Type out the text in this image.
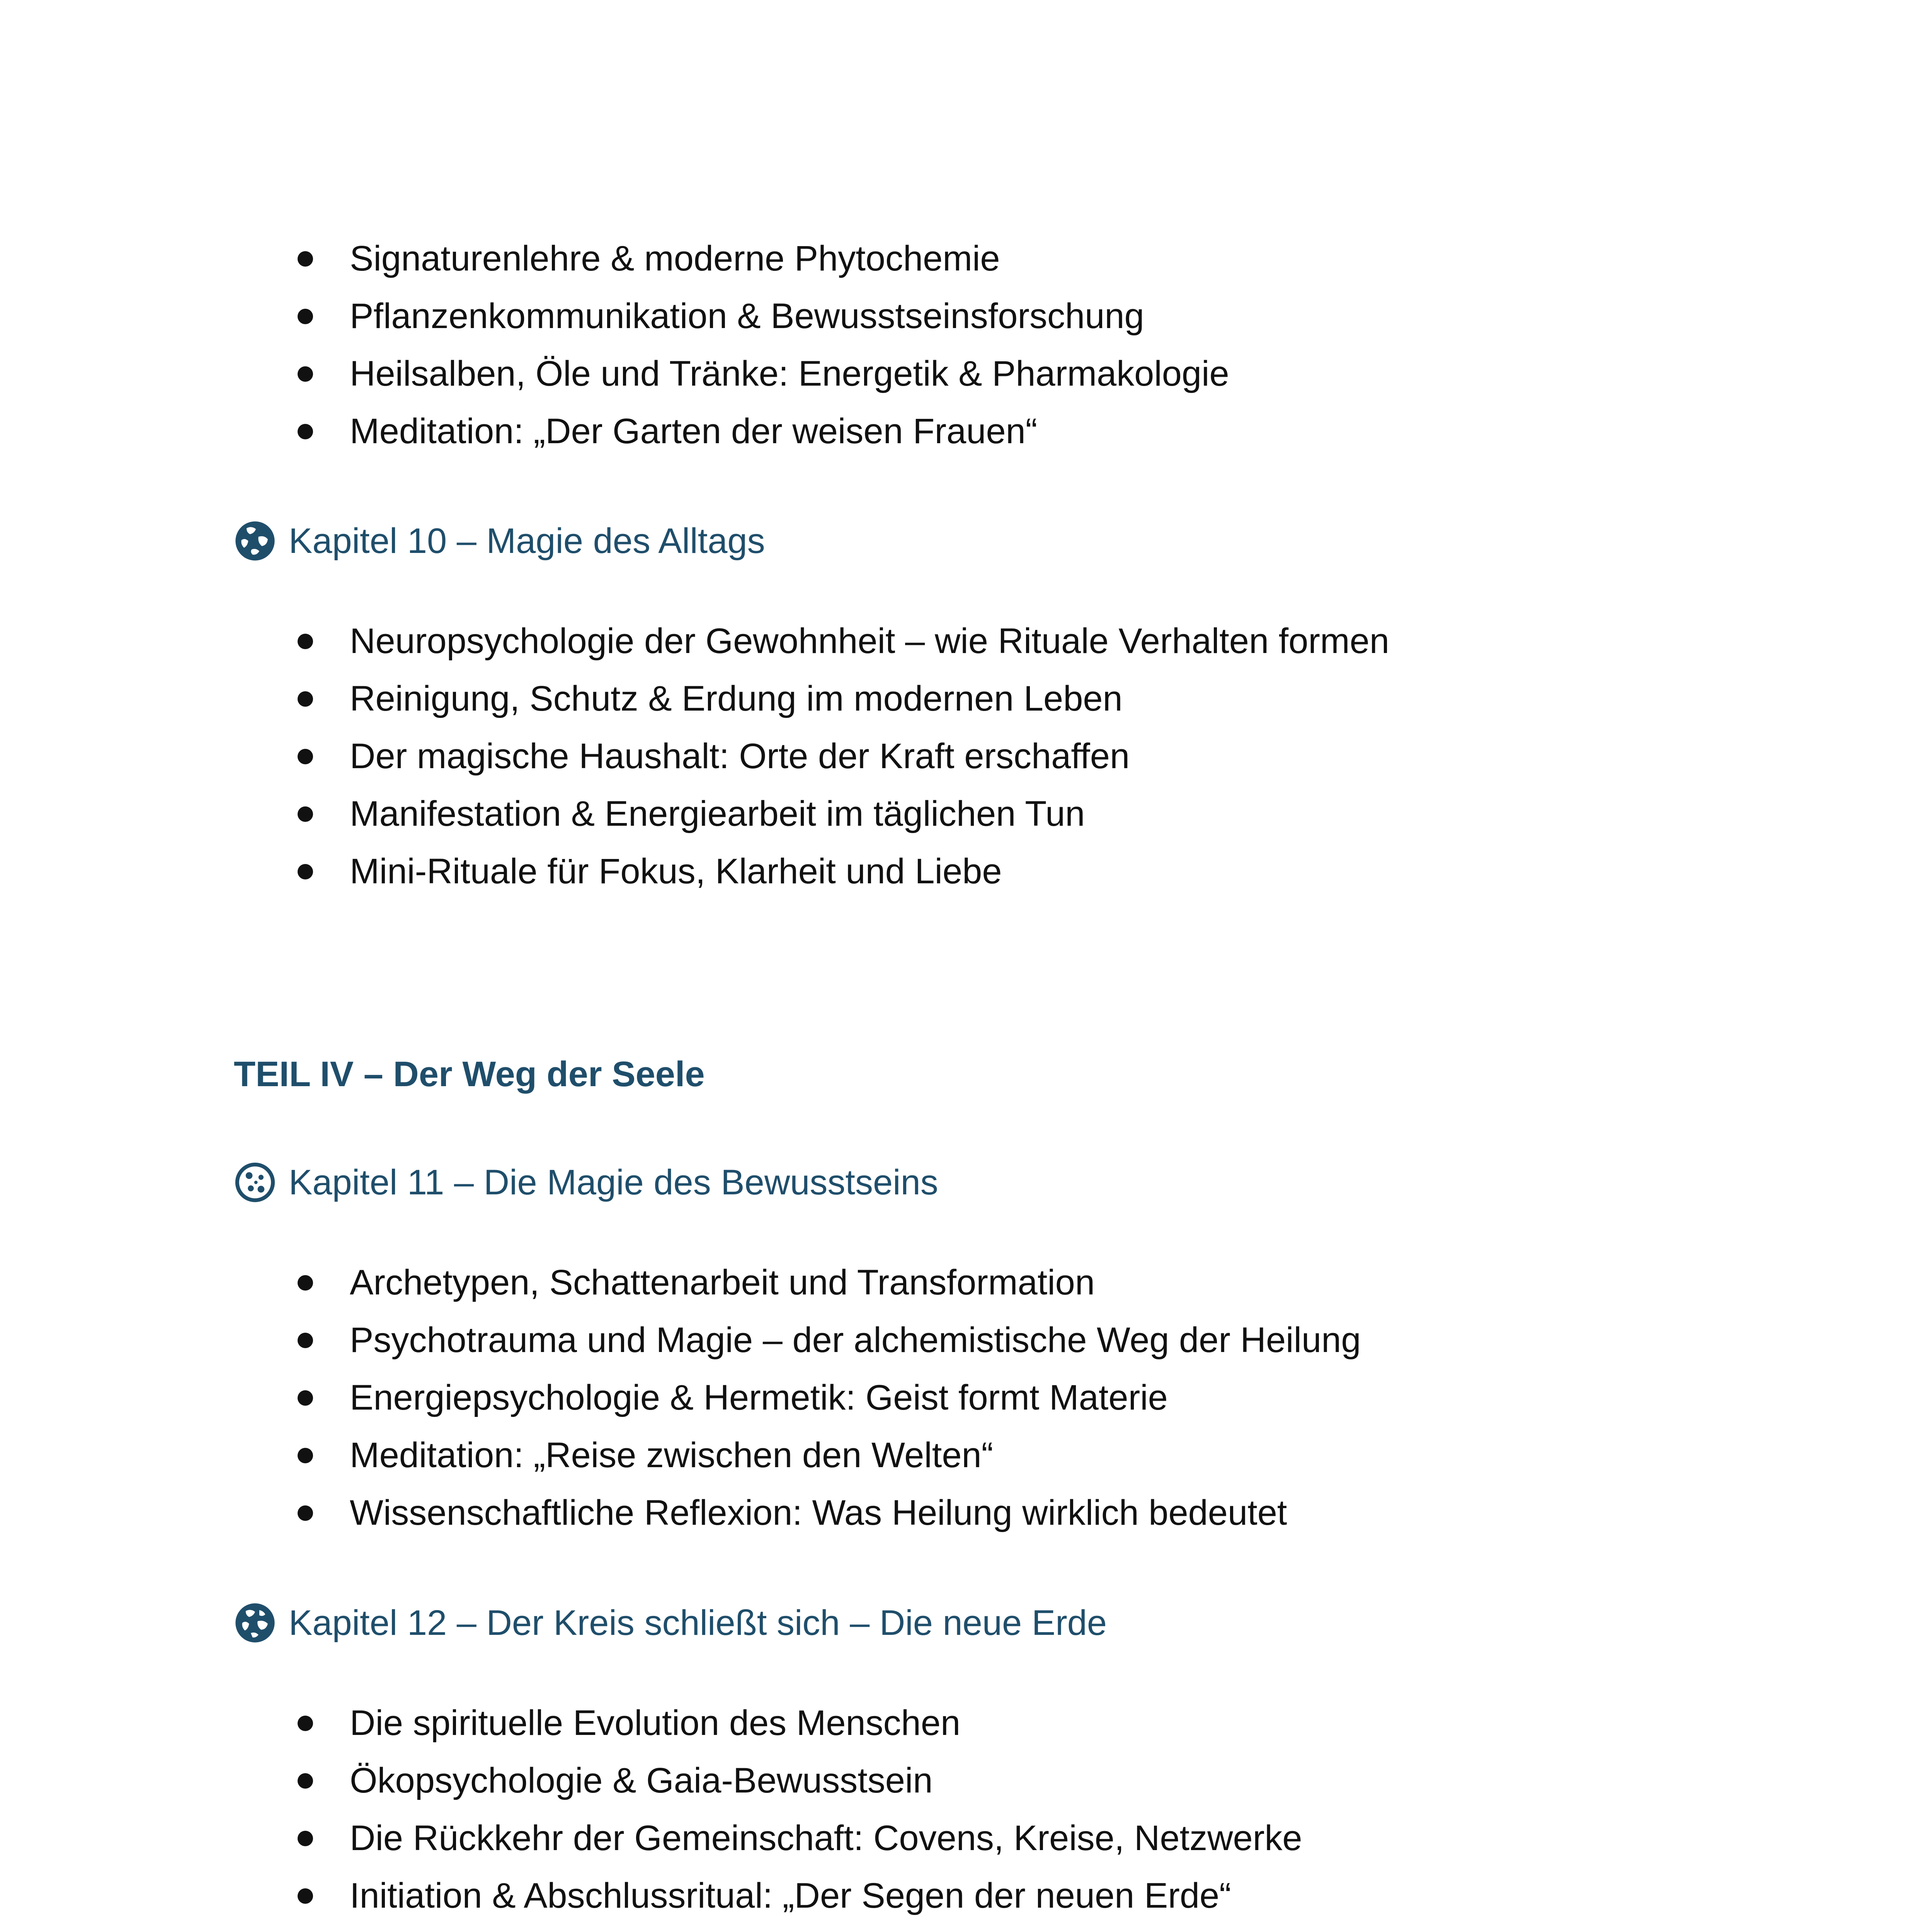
Signaturenlehre & moderne Phytochemie
Pflanzenkommunikation & Bewusstseinsforschung
Heilsalben, Öle und Tränke: Energetik & Pharmakologie
Meditation: „Der Garten der weisen Frauen“
Kapitel 10 – Magie des Alltags
Neuropsychologie der Gewohnheit – wie Rituale Verhalten formen
Reinigung, Schutz & Erdung im modernen Leben
Der magische Haushalt: Orte der Kraft erschaffen
Manifestation & Energiearbeit im täglichen Tun
Mini-Rituale für Fokus, Klarheit und Liebe
TEIL IV – Der Weg der Seele
Kapitel 11 – Die Magie des Bewusstseins
Archetypen, Schattenarbeit und Transformation
Psychotrauma und Magie – der alchemistische Weg der Heilung
Energiepsychologie & Hermetik: Geist formt Materie
Meditation: „Reise zwischen den Welten“
Wissenschaftliche Reflexion: Was Heilung wirklich bedeutet
Kapitel 12 – Der Kreis schließt sich – Die neue Erde
Die spirituelle Evolution des Menschen
Ökopsychologie & Gaia-Bewusstsein
Die Rückkehr der Gemeinschaft: Covens, Kreise, Netzwerke
Initiation & Abschlussritual: „Der Segen der neuen Erde“
